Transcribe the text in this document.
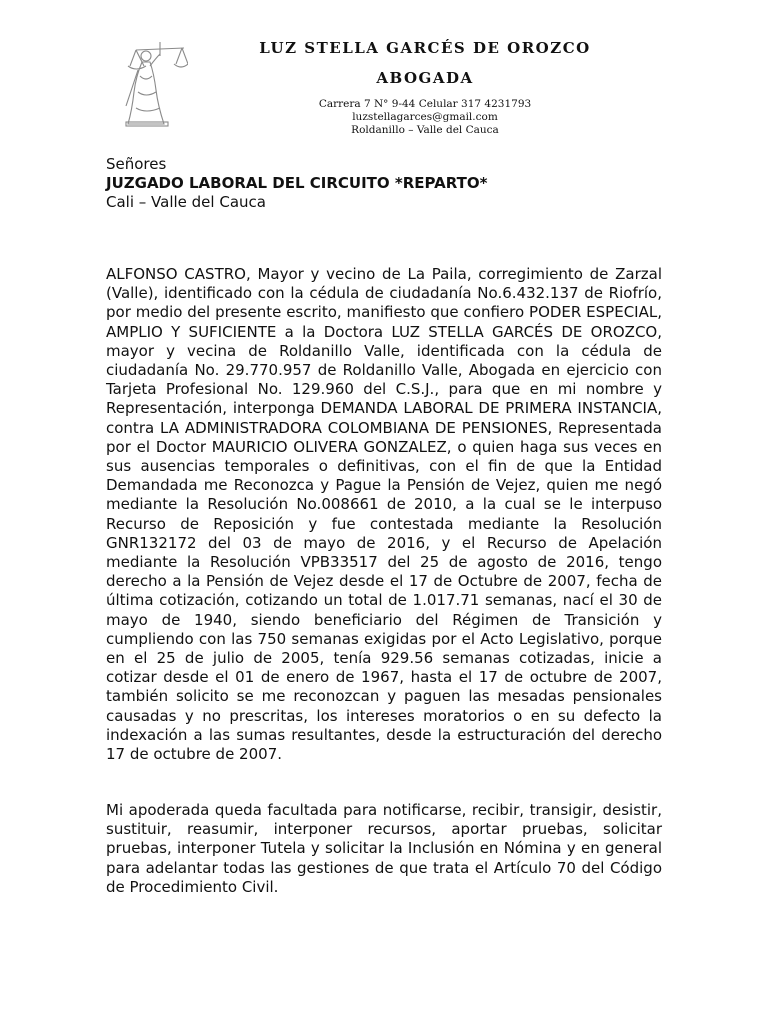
LUZ STELLA GARCÉS DE OROZCO
ABOGADA
Carrera 7 N° 9-44 Celular 317 4231793
luzstellagarces@gmail.com
Roldanillo – Valle del Cauca
Señores
JUZGADO LABORAL DEL CIRCUITO *REPARTO*
Cali – Valle del Cauca

ALFONSO CASTRO, Mayor y vecino de La Paila, corregimiento de Zarzal (Valle), identificado con la cédula de ciudadanía No.6.432.137 de Riofrío, por medio del presente escrito, manifiesto que confiero PODER ESPECIAL, AMPLIO Y SUFICIENTE a la Doctora LUZ STELLA GARCÉS DE OROZCO, mayor y vecina de Roldanillo Valle, identificada con la cédula de ciudadanía No. 29.770.957 de Roldanillo Valle, Abogada en ejercicio con Tarjeta Profesional No. 129.960 del C.S.J., para que en mi nombre y Representación, interponga DEMANDA LABORAL DE PRIMERA INSTANCIA, contra LA ADMINISTRADORA COLOMBIANA DE PENSIONES, Representada por el Doctor MAURICIO OLIVERA GONZALEZ, o quien haga sus veces en sus ausencias temporales o definitivas, con el fin de que la Entidad Demandada me Reconozca y Pague la Pensión de Vejez, quien me negó mediante la Resolución No.008661 de 2010, a la cual se le interpuso Recurso de Reposición y fue contestada mediante la Resolución GNR132172 del 03 de mayo de 2016, y el Recurso de Apelación mediante la Resolución VPB33517 del 25 de agosto de 2016, tengo derecho a la Pensión de Vejez desde el 17 de Octubre de 2007, fecha de última cotización, cotizando un total de 1.017.71 semanas, nací el 30 de mayo de 1940, siendo beneficiario del Régimen de Transición y cumpliendo con las 750 semanas exigidas por el Acto Legislativo, porque en el 25 de julio de 2005, tenía 929.56 semanas cotizadas, inicie a cotizar desde el 01 de enero de 1967, hasta el 17 de octubre de 2007, también solicito se me reconozcan y paguen las mesadas pensionales causadas y no prescritas, los intereses moratorios o en su defecto la indexación a las sumas resultantes, desde la estructuración del derecho 17 de octubre de 2007.

Mi apoderada queda facultada para notificarse, recibir, transigir, desistir, sustituir, reasumir, interponer recursos, aportar pruebas, solicitar pruebas, interponer Tutela y solicitar la Inclusión en Nómina y en general para adelantar todas las gestiones de que trata el Artículo 70 del Código de Procedimiento Civil.
